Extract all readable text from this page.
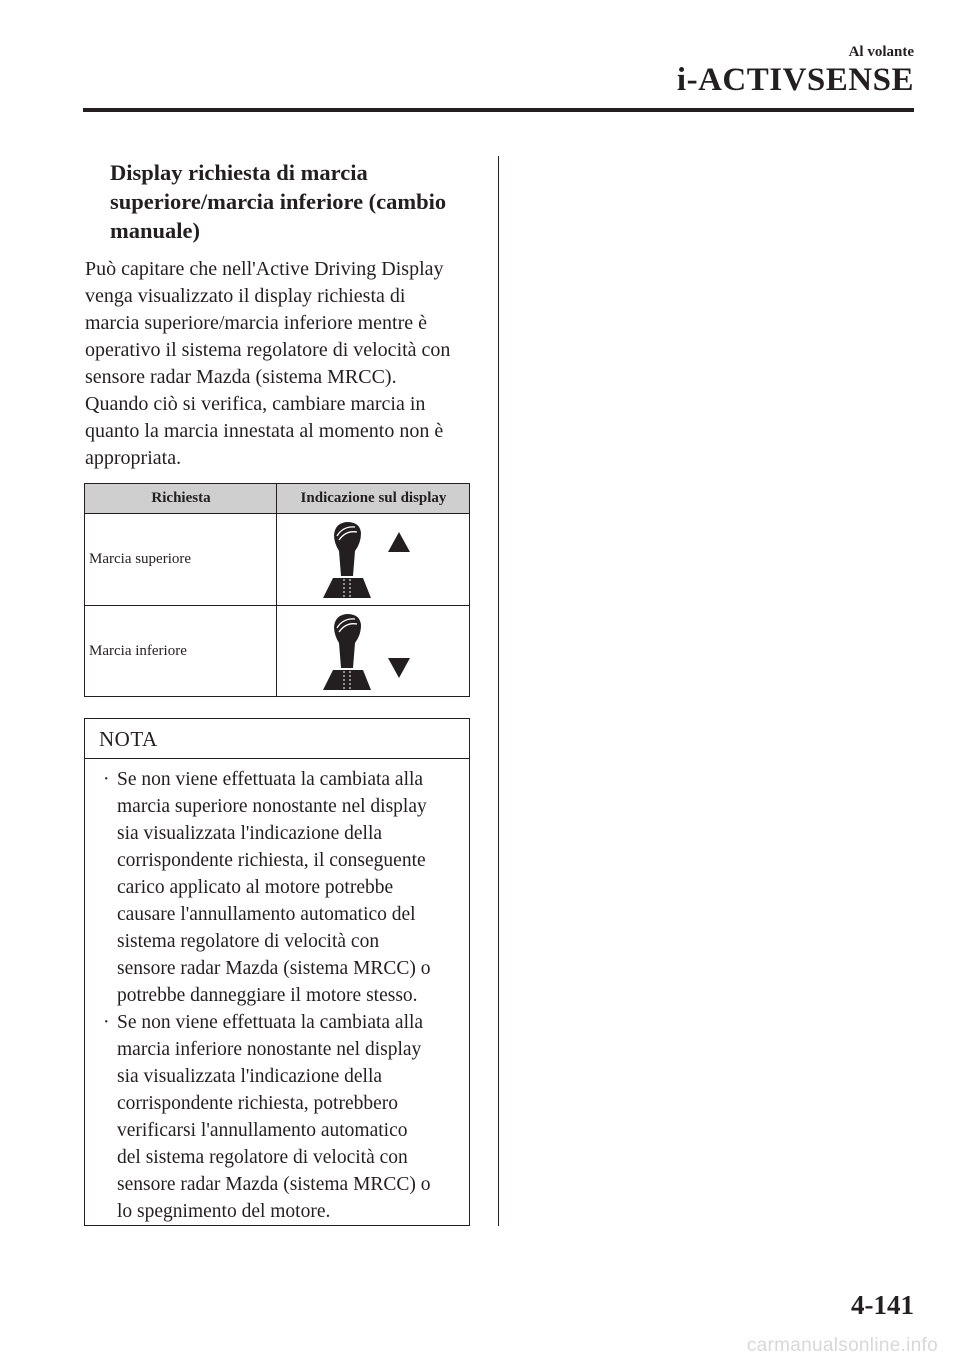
Al volante
i-ACTIVSENSE
Display richiesta di marcia superiore/marcia inferiore (cambio manuale)
Può capitare che nell'Active Driving Display
venga visualizzato il display richiesta di
marcia superiore/marcia inferiore mentre è
operativo il sistema regolatore di velocità con
sensore radar Mazda (sistema MRCC).
Quando ciò si verifica, cambiare marcia in
quanto la marcia innestata al momento non è
appropriata.
Richiesta	Indicazione sul display
Marcia superiore
Marcia inferiore
NOTA
· Se non viene effettuata la cambiata alla
marcia superiore nonostante nel display
sia visualizzata l'indicazione della
corrispondente richiesta, il conseguente
carico applicato al motore potrebbe
causare l'annullamento automatico del
sistema regolatore di velocità con
sensore radar Mazda (sistema MRCC) o
potrebbe danneggiare il motore stesso.
· Se non viene effettuata la cambiata alla
marcia inferiore nonostante nel display
sia visualizzata l'indicazione della
corrispondente richiesta, potrebbero
verificarsi l'annullamento automatico
del sistema regolatore di velocità con
sensore radar Mazda (sistema MRCC) o
lo spegnimento del motore.
4-141
carmanualsonline.info
